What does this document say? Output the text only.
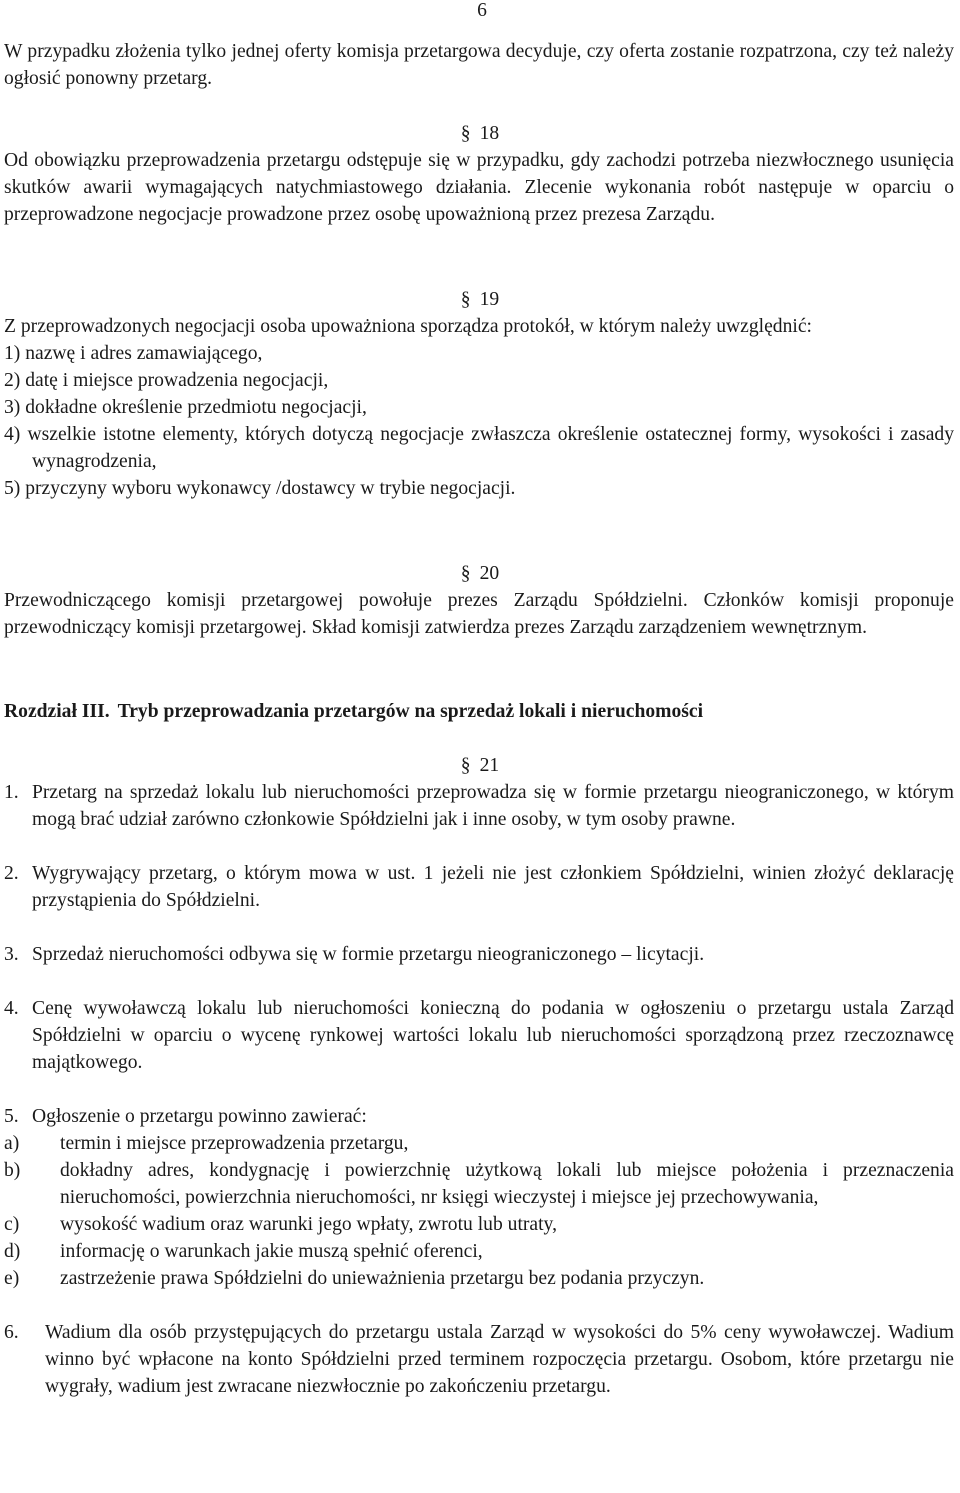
6

W przypadku złożenia tylko jednej oferty komisja przetargowa decyduje, czy oferta zostanie rozpatrzona, czy też należy ogłosić ponowny przetarg.

§ 18

Od obowiązku przeprowadzenia przetargu odstępuje się w przypadku, gdy zachodzi potrzeba niezwłocznego usunięcia skutków awarii wymagających natychmiastowego działania. Zlecenie wykonania robót następuje w oparciu o przeprowadzone negocjacje prowadzone przez osobę upoważnioną przez prezesa Zarządu.

§ 19

Z przeprowadzonych negocjacji osoba upoważniona sporządza protokół, w którym należy uwzględnić:

1) nazwę i adres zamawiającego,
2) datę i miejsce prowadzenia negocjacji,
3) dokładne określenie przedmiotu negocjacji,
4) wszelkie istotne elementy, których dotyczą negocjacje zwłaszcza określenie ostatecznej formy, wysokości i zasady wynagrodzenia,
5) przyczyny wyboru wykonawcy /dostawcy w trybie negocjacji.
§ 20

Przewodniczącego komisji przetargowej powołuje prezes Zarządu Spółdzielni. Członków komisji proponuje przewodniczący komisji przetargowej. Skład komisji zatwierdza prezes Zarządu zarządzeniem wewnętrznym.

Rozdział III. Tryb przeprowadzania przetargów na sprzedaż lokali i nieruchomości
§ 21
1. Przetarg na sprzedaż lokalu lub nieruchomości przeprowadza się w formie przetargu nieograniczonego, w którym mogą brać udział zarówno członkowie Spółdzielni jak i inne osoby, w tym osoby prawne.
2. Wygrywający przetarg, o którym mowa w ust. 1 jeżeli nie jest członkiem Spółdzielni, winien złożyć deklarację przystąpienia do Spółdzielni.
3. Sprzedaż nieruchomości odbywa się w formie przetargu nieograniczonego – licytacji.
4. Cenę wywoławczą lokalu lub nieruchomości konieczną do podania w ogłoszeniu o przetargu ustala Zarząd Spółdzielni w oparciu o wycenę rynkowej wartości lokalu lub nieruchomości sporządzoną przez rzeczoznawcę majątkowego.
5. Ogłoszenie o przetargu powinno zawierać:
a) termin i miejsce przeprowadzenia przetargu,
b) dokładny adres, kondygnację i powierzchnię użytkową lokali lub miejsce położenia i przeznaczenia nieruchomości, powierzchnia nieruchomości, nr księgi wieczystej i miejsce jej przechowywania,
c) wysokość wadium oraz warunki jego wpłaty, zwrotu lub utraty,
d) informację o warunkach jakie muszą spełnić oferenci,
e) zastrzeżenie prawa Spółdzielni do unieważnienia przetargu bez podania przyczyn.
6. Wadium dla osób przystępujących do przetargu ustala Zarząd w wysokości do 5% ceny wywoławczej. Wadium winno być wpłacone na konto Spółdzielni przed terminem rozpoczęcia przetargu. Osobom, które przetargu nie wygrały, wadium jest zwracane niezwłocznie po zakończeniu przetargu.
